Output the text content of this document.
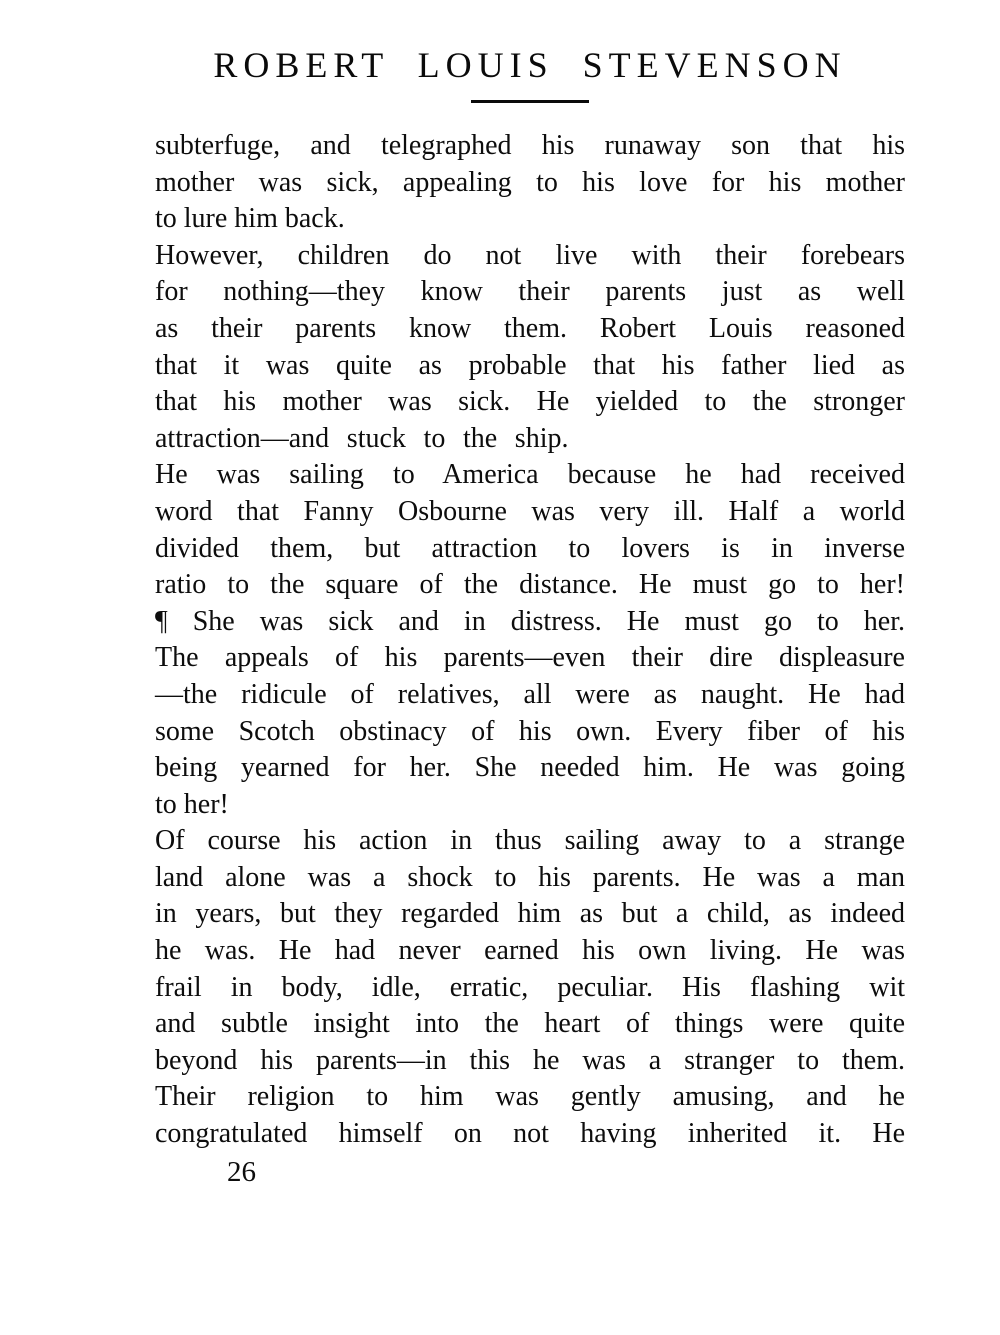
ROBERT LOUIS STEVENSON

subterfuge, and telegraphed his runaway son that his
mother was sick, appealing to his love for his mother
to lure him back.

However, children do not live with their forebears
for nothing—they know their parents just as well
as their parents know them. Robert Louis reasoned
that it was quite as probable that his father lied as
that his mother was sick. He yielded to the stronger
attraction—and stuck to the ship.

He was sailing to America because he had received
word that Fanny Osbourne was very ill. Half a world
divided them, but attraction to lovers is in inverse
ratio to the square of the distance. He must go to her!

¶ She was sick and in distress. He must go to her.
The appeals of his parents—even their dire displeasure
—the ridicule of relatives, all were as naught. He had
some Scotch obstinacy of his own. Every fiber of his
being yearned for her. She needed him. He was going
to her!

Of course his action in thus sailing away to a strange
land alone was a shock to his parents. He was a man
in years, but they regarded him as but a child, as indeed
he was. He had never earned his own living. He was
frail in body, idle, erratic, peculiar. His flashing wit
and subtle insight into the heart of things were quite
beyond his parents—in this he was a stranger to them.
Their religion to him was gently amusing, and he
congratulated himself on not having inherited it. He

26
